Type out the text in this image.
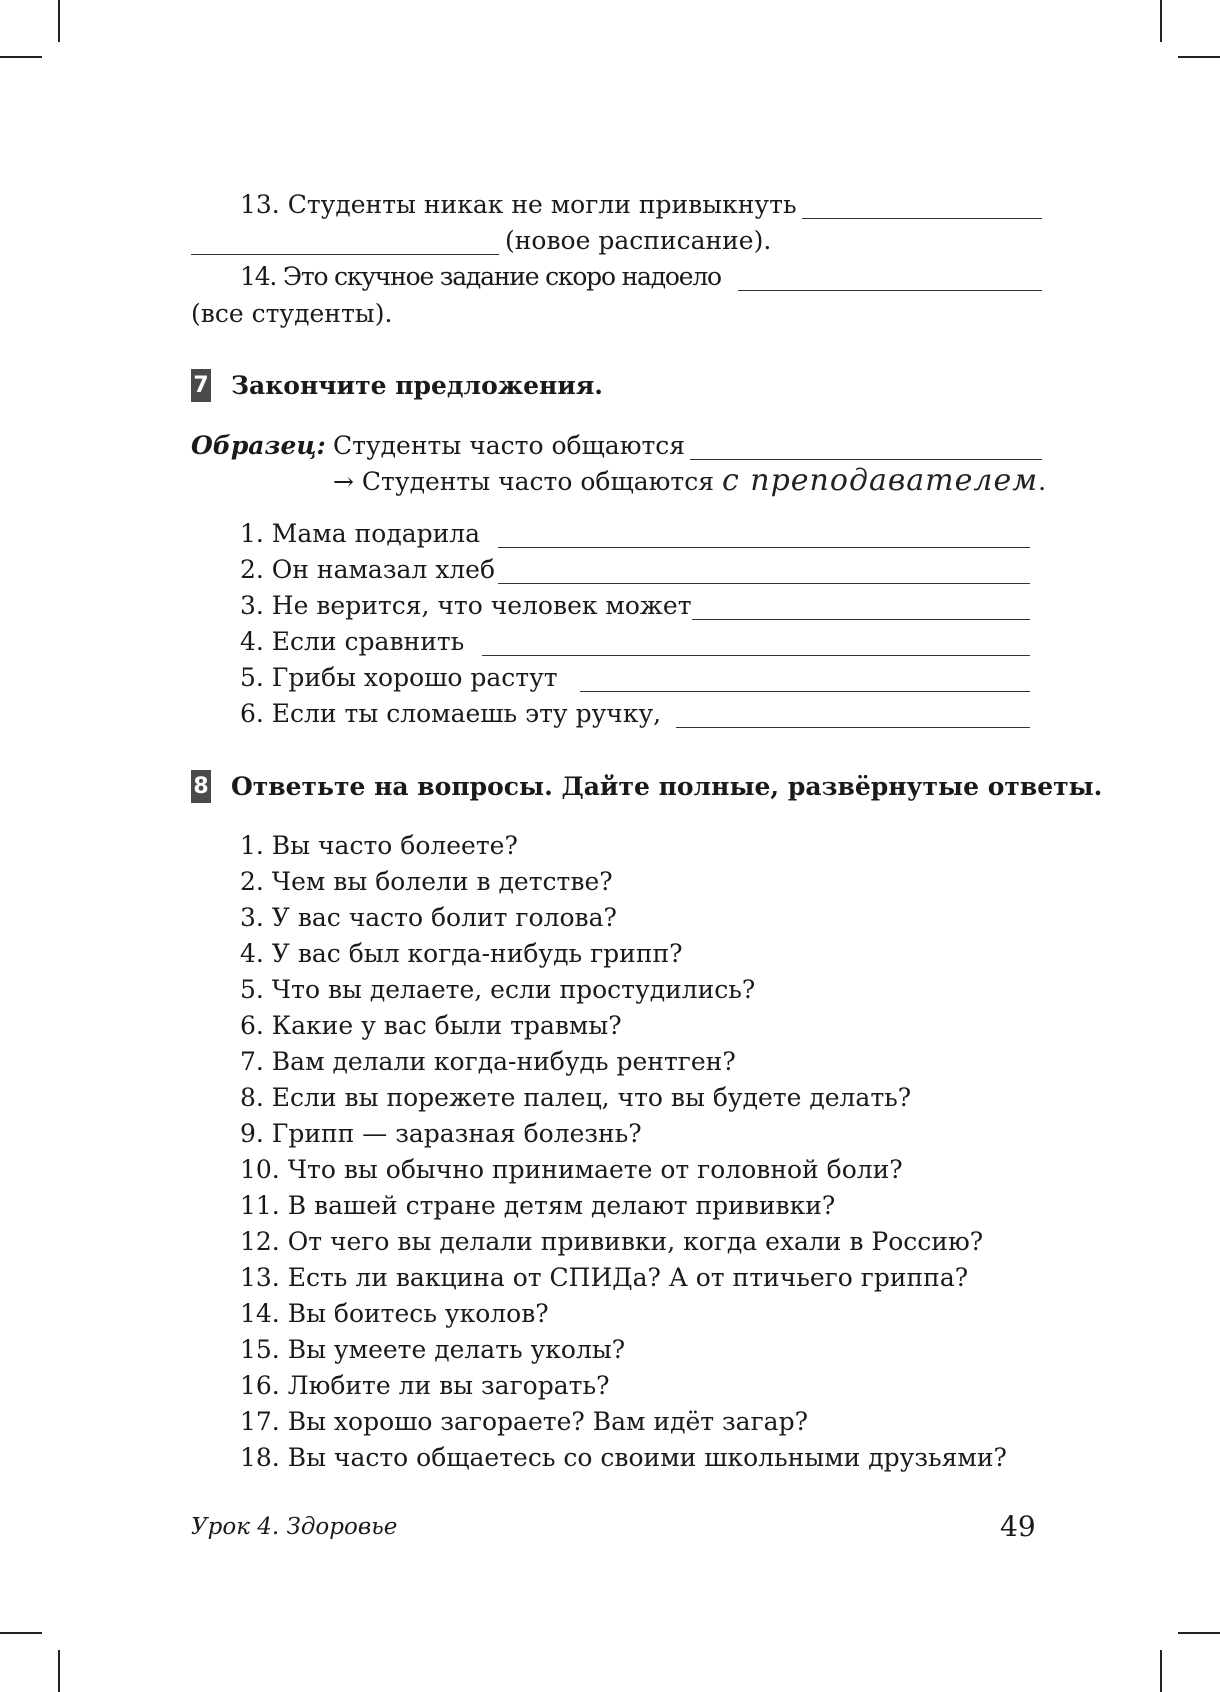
13. Студенты никак не могли привыкнуть
(новое расписание).
14. Это скучное задание скоро надоело
(все студенты).
7 Закончите предложения.
Образец: Студенты часто общаются
→ Студенты часто общаются с преподавателем.
1. Мама подарила
2. Он намазал хлеб
3. Не верится, что человек может
4. Если сравнить
5. Грибы хорошо растут
6. Если ты сломаешь эту ручку,
8 Ответьте на вопросы. Дайте полные, развёрнутые ответы.
1. Вы часто болеете?
2. Чем вы болели в детстве?
3. У вас часто болит голова?
4. У вас был когда-нибудь грипп?
5. Что вы делаете, если простудились?
6. Какие у вас были травмы?
7. Вам делали когда-нибудь рентген?
8. Если вы порежете палец, что вы будете делать?
9. Грипп — заразная болезнь?
10. Что вы обычно принимаете от головной боли?
11. В вашей стране детям делают прививки?
12. От чего вы делали прививки, когда ехали в Россию?
13. Есть ли вакцина от СПИДа? А от птичьего гриппа?
14. Вы боитесь уколов?
15. Вы умеете делать уколы?
16. Любите ли вы загорать?
17. Вы хорошо загораете? Вам идёт загар?
18. Вы часто общаетесь со своими школьными друзьями?
Урок 4. Здоровье	49
